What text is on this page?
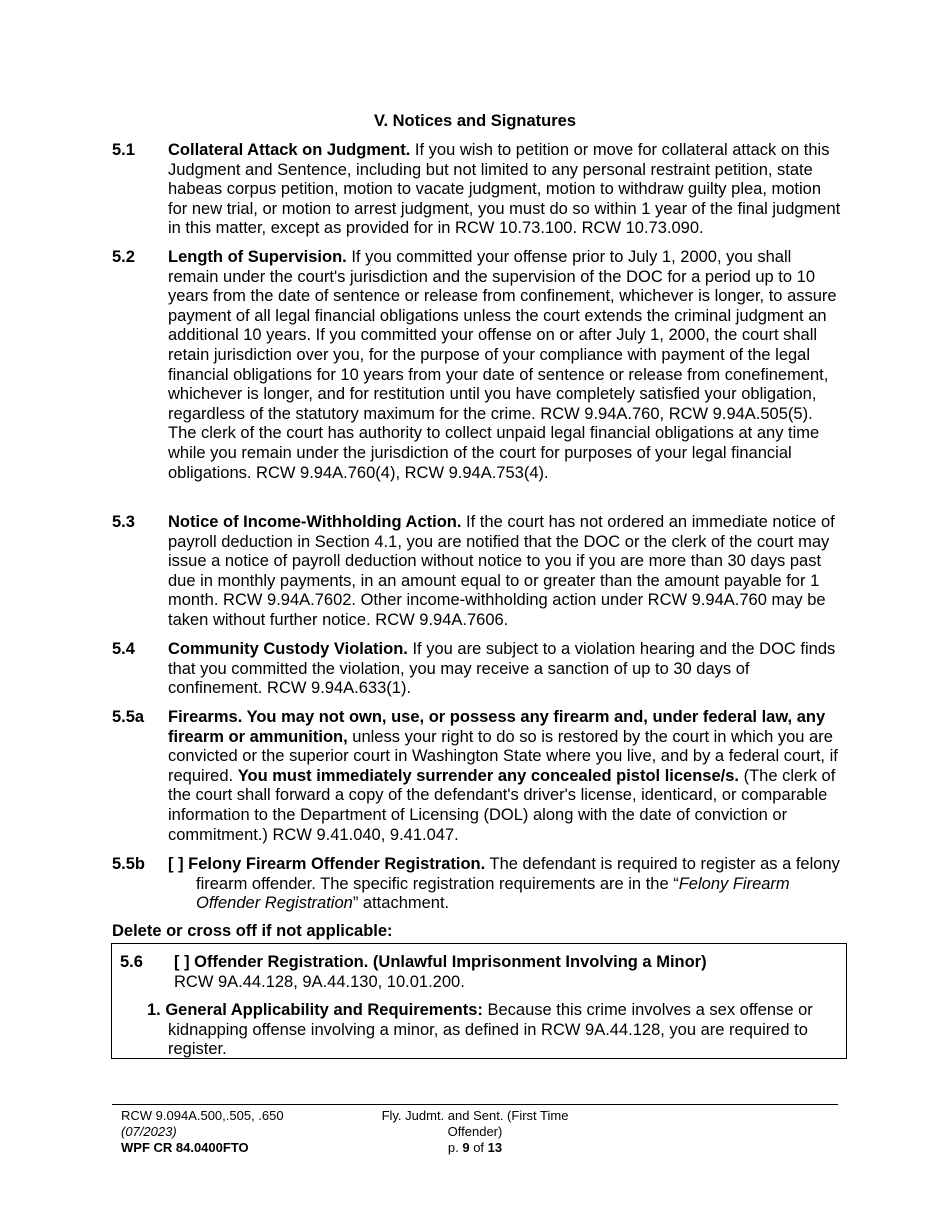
V. Notices and Signatures
5.1 Collateral Attack on Judgment. If you wish to petition or move for collateral attack on this Judgment and Sentence, including but not limited to any personal restraint petition, state habeas corpus petition, motion to vacate judgment, motion to withdraw guilty plea, motion for new trial, or motion to arrest judgment, you must do so within 1 year of the final judgment in this matter, except as provided for in RCW 10.73.100. RCW 10.73.090.
5.2 Length of Supervision. If you committed your offense prior to July 1, 2000, you shall remain under the court's jurisdiction and the supervision of the DOC for a period up to 10 years from the date of sentence or release from confinement, whichever is longer, to assure payment of all legal financial obligations unless the court extends the criminal judgment an additional 10 years. If you committed your offense on or after July 1, 2000, the court shall retain jurisdiction over you, for the purpose of your compliance with payment of the legal financial obligations for 10 years from your date of sentence or release from conefinement, whichever is longer, and for restitution until you have completely satisfied your obligation, regardless of the statutory maximum for the crime. RCW 9.94A.760, RCW 9.94A.505(5). The clerk of the court has authority to collect unpaid legal financial obligations at any time while you remain under the jurisdiction of the court for purposes of your legal financial obligations. RCW 9.94A.760(4), RCW 9.94A.753(4).
5.3 Notice of Income-Withholding Action. If the court has not ordered an immediate notice of payroll deduction in Section 4.1, you are notified that the DOC or the clerk of the court may issue a notice of payroll deduction without notice to you if you are more than 30 days past due in monthly payments, in an amount equal to or greater than the amount payable for 1 month. RCW 9.94A.7602. Other income-withholding action under RCW 9.94A.760 may be taken without further notice. RCW 9.94A.7606.
5.4 Community Custody Violation. If you are subject to a violation hearing and the DOC finds that you committed the violation, you may receive a sanction of up to 30 days of confinement. RCW 9.94A.633(1).
5.5a Firearms. You may not own, use, or possess any firearm and, under federal law, any firearm or ammunition, unless your right to do so is restored by the court in which you are convicted or the superior court in Washington State where you live, and by a federal court, if required. You must immediately surrender any concealed pistol license/s. (The clerk of the court shall forward a copy of the defendant's driver's license, identicard, or comparable information to the Department of Licensing (DOL) along with the date of conviction or commitment.) RCW 9.41.040, 9.41.047.
5.5b [ ] Felony Firearm Offender Registration. The defendant is required to register as a felony firearm offender. The specific registration requirements are in the “Felony Firearm Offender Registration” attachment.
Delete or cross off if not applicable:
5.6 [ ] Offender Registration. (Unlawful Imprisonment Involving a Minor)
RCW 9A.44.128, 9A.44.130, 10.01.200.
1. General Applicability and Requirements: Because this crime involves a sex offense or kidnapping offense involving a minor, as defined in RCW 9A.44.128, you are required to register.
RCW 9.094A.500,.505, .650
(07/2023)
WPF CR 84.0400FTO
Fly. Judmt. and Sent. (First Time
Offender)
p. 9 of 13
